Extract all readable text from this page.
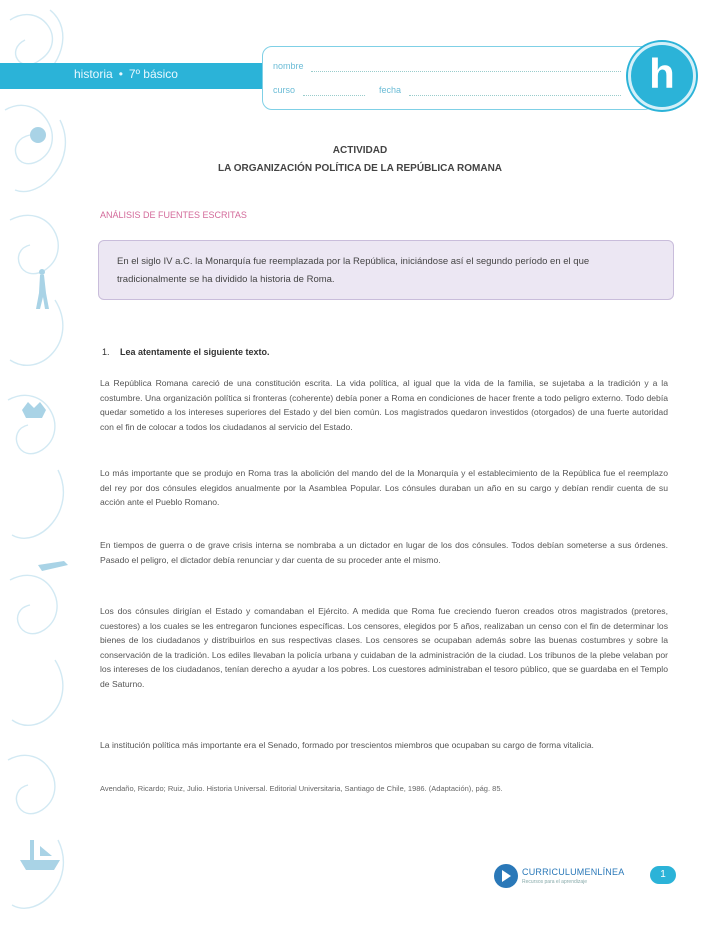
historia • 7º básico
nombre
curso	fecha	h
ACTIVIDAD
LA ORGANIZACIÓN POLÍTICA DE LA REPÚBLICA ROMANA
ANÁLISIS DE FUENTES ESCRITAS

En el siglo IV a.C. la Monarquía fue reemplazada por la República, iniciándose así el segundo período en el que tradicionalmente se ha dividido la historia de Roma.

1. Lea atentamente el siguiente texto.

La República Romana careció de una constitución escrita. La vida política, al igual que la vida de la familia, se sujetaba a la tradición y a la costumbre. Una organización política si fronteras (coherente) debía poner a Roma en condiciones de hacer frente a todo peligro externo. Todo debía quedar sometido a los intereses superiores del Estado y del bien común. Los magistrados quedaron investidos (otorgados) de una fuerte autoridad con el fin de colocar a todos los ciudadanos al servicio del Estado.

Lo más importante que se produjo en Roma tras la abolición del mando del de la Monarquía y el establecimiento de la República fue el reemplazo del rey por dos cónsules elegidos anualmente por la Asamblea Popular. Los cónsules duraban un año en su cargo y debían rendir cuenta de su acción ante el Pueblo Romano.

En tiempos de guerra o de grave crisis interna se nombraba a un dictador en lugar de los dos cónsules. Todos debían someterse a sus órdenes. Pasado el peligro, el dictador debía renunciar y dar cuenta de su proceder ante el mismo.

Los dos cónsules dirigían el Estado y comandaban el Ejército. A medida que Roma fue creciendo fueron creados otros magistrados (pretores, cuestores) a los cuales se les entregaron funciones específicas. Los censores, elegidos por 5 años, realizaban un censo con el fin de determinar los bienes de los ciudadanos y distribuirlos en sus respectivas clases. Los censores se ocupaban además sobre las buenas costumbres y sobre la conservación de la tradición. Los ediles llevaban la policía urbana y cuidaban de la administración de la ciudad. Los tribunos de la plebe velaban por los intereses de los ciudadanos, tenían derecho a ayudar a los pobres. Los cuestores administraban el tesoro público, que se guardaba en el Templo de Saturno.

La institución política más importante era el Senado, formado por trescientos miembros que ocupaban su cargo de forma vitalicia.

Avendaño, Ricardo; Ruiz, Julio. Historia Universal. Editorial Universitaria, Santiago de Chile, 1986. (Adaptación), pág. 85.
CURRICULUMENLÍNEA
Recursos para el aprendizaje
1
